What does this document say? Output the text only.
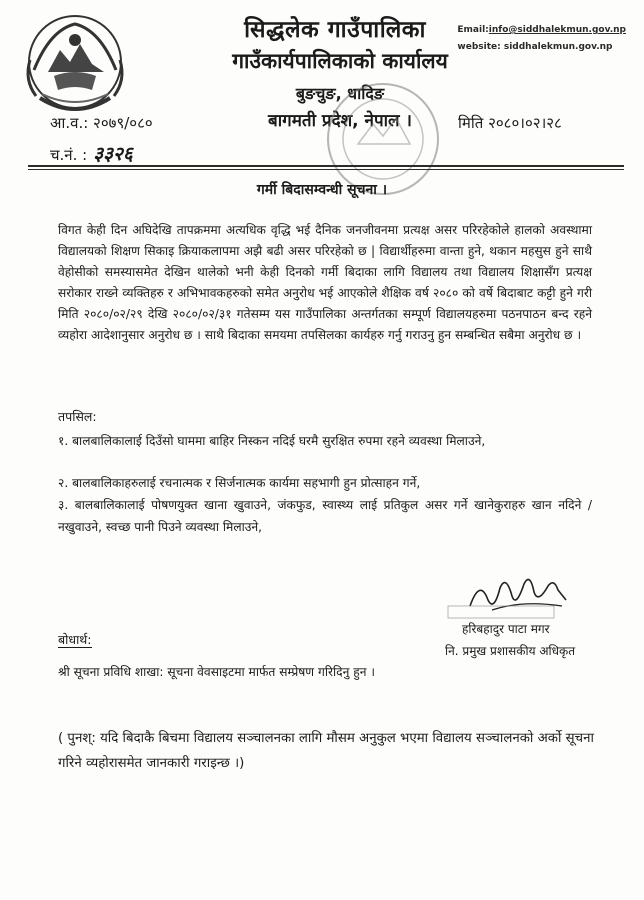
सिद्धलेक गाउँपालिका
गाउँकार्यपालिकाको कार्यालय
बुङचुङ, धादिङ
बागमती प्रदेश, नेपाल ।
Email:info@siddhalekmun.gov.np
website: siddhalekmun.gov.np
आ.व.: २०७९/०८०
च.नं. : ३३२६
मिति २०८०।०२।२८
गर्मी बिदासम्वन्धी सूचना ।
विगत केही दिन अघिदेखि तापक्रममा अत्यधिक वृद्धि भई दैनिक जनजीवनमा प्रत्यक्ष असर परिरहेकोले हालको अवस्थामा विद्यालयको शिक्षण सिकाइ क्रियाकलापमा अझै बढी असर परिरहेको छ | विद्यार्थीहरुमा वान्ता हुने, थकान महसुस हुने साथै वेहोसीको समस्यासमेत देखिन थालेको भनी केही दिनको गर्मी बिदाका लागि विद्यालय तथा विद्यालय शिक्षासँग प्रत्यक्ष सरोकार राख्ने व्यक्तिहरु र अभिभावकहरुको समेत अनुरोध भई आएकोले शैक्षिक वर्ष २०८० को वर्षे बिदाबाट कट्टी हुने गरी मिति २०८०/०२/२९ देखि २०८०/०२/३१ गतेसम्म यस गाउँपालिका अन्तर्गतका सम्पूर्ण विद्यालयहरुमा पठनपाठन बन्द रहने व्यहोरा आदेशानुसार अनुरोध छ । साथै बिदाका समयमा तपसिलका कार्यहरु गर्नु गराउनु हुन सम्बन्धित सबैमा अनुरोध छ ।
तपसिल:
१. बालबालिकालाई दिउँसो घाममा बाहिर निस्कन नदिई घरमै सुरक्षित रुपमा रहने व्यवस्था मिलाउने,
२. बालबालिकाहरुलाई रचनात्मक र सिर्जनात्मक कार्यमा सहभागी हुन प्रोत्साहन गर्ने,
३. बालबालिकालाई पोषणयुक्त खाना खुवाउने, जंकफुड, स्वास्थ्य लाई प्रतिकुल असर गर्ने खानेकुराहरु खान नदिने / नखुवाउने, स्वच्छ पानी पिउने व्यवस्था मिलाउने,
हरिबहादुर पाटा मगर
नि. प्रमुख प्रशासकीय अधिकृत
बोधार्थ:
श्री सूचना प्रविधि शाखा: सूचना वेवसाइटमा मार्फत सम्प्रेषण गरिदिनु हुन ।
( पुनश्: यदि बिदाकै बिचमा विद्यालय सञ्चालनका लागि मौसम अनुकुल भएमा विद्यालय सञ्चालनको अर्को सूचना गरिने व्यहोरासमेत जानकारी गराइन्छ ।)
